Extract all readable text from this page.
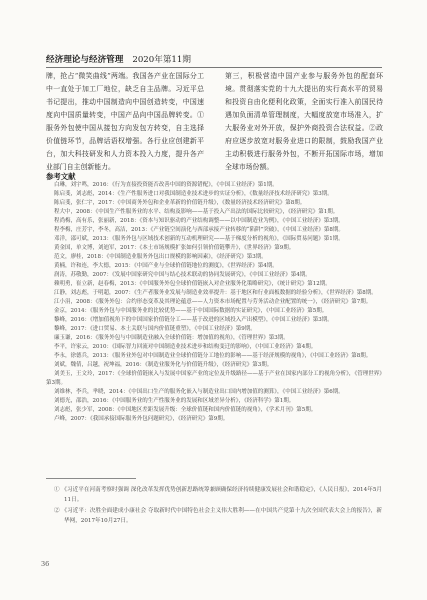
经济理论与经济管理 2020年第11期

牌，抢占“微笑曲线”两端。我国各产业在国际分工中一直处于加工厂地位，缺乏自主品牌。习近平总书记提出，推动中国制造向中国创造转变，中国速度向中国质量转变，中国产品向中国品牌转变。①服务外包使中国从接包方向发包方转变，自主选择价值链环节，品牌话语权增强。各行业应创建新平台，加大科技研发和人力资本投入力度，提升各产业部门自主创新能力。

第三，积极营造中国产业参与服务外包的配套环境。贯彻落实党的十九大提出的实行高水平的贸易和投资自由化便利化政策，全面实行准入前国民待遇加负面清单管理制度，大幅度放宽市场准入，扩大服务业对外开放，保护外商投资合法权益。②政府应逐步放宽对服务业进口的限制，鼓励我国产业主动积极进行服务外包，不断开拓国际市场，增加全球市场份额。

参考文献
白琳，刘宇鸣，2016：《行为直接投资能否改善中国的资源错配》，《中国工业经济》第1期。
陈启斐，刘志彪，2014：《生产性服务进口对我国制造业技术进步的实证分析》，《数量经济技术经济研究》第3期。
陈启斐，张仁宇，2017：《中国商务外包和企业革新的价值链升级》，《数量经济技术经济研究》第8期。
程大中，2008：《中国生产性服务业的水平、结构及影响——基于投入产出法的国际比较研究》，《经济研究》第1期。
程尚梅，高有乐，张丽新，2018：《资本与知识驱动的产业结构调整——以中国制造业为例》，《中国工业经济》第3期。
程李梅，庄芳宇，李冬，高洁，2013：《产业链空间演化与西部承接产业转移的“陷阱”突破》，《中国工业经济》第8期。
邓洋，邵可斌，2013：《服务外包与区域技术创新的互动机理研究——基于梯度分析的视角》，《国际贸易问题》第1期。
黄金国，单文博，刘迪军，2017：《本土市场规模扩张如何引领价值链攀升》，《世界经济》第9期。
范文，廖桂，2018：《中国制造业服务外包出口规模的影响因素》，《经济研究》第3期。
黄楠，许和连，李大德，2015：《中国产业与全球价值链地位的测度》，《世界经济》第4期。
润涛，苏敬勤，2007：《发展中国家研究中国与结心技术联动的协同发展研究》，《中国工业经济》第4期。
赖明勇，崔立新，赵春梅，2013：《中国服务外包全球价值链嵌入对企业服务化策略研究》，《统计研究》第12期。
江静，刘志彪，于明超，2007：《生产者服务业发展与制造业效率提升：基于地区和行业面板数据的经验分析》，《世界经济》第8期。
江小涓，2008：《服务外包：合约形态变革及其理论蕴意——人力资本市场配置与劳务活动企业配置的统一》，《经济研究》第7期。
金京，2014：《服务外包与中国服务业的比较优势——基于中国国际数据的实证研究》，《中国工业经济》第5期。
黎峰，2016：《增加值视角下的中国国家价值链分工——基于改进的区域投入产出模型》，《中国工业经济》第3期。
黎峰，2017：《进口贸易、本土关联与国内价值链重塑》，《中国工业经济》第9期。
廉玉谦，2016：《服务外包与中国制造业融入全球价值链：增加值的视角》，《管理世界》第3期。
李平，许家云，2010：《国际智力回流对中国制造业技术进步和结构变迁的影响》，《中国工业经济》第4期。
李永，徐德兵，2013：《服务业外包对中国制造业全球价值链分工地位的影响——基于经济规模的视角》，《中国工业经济》第8期。
刘斌，魏倩，吕越，祝坤福，2016：《制造业服务化与价值链升级》，《经济研究》第3期。
刘美玉，王文玲，2017：《全球价值链嵌入与发展中国家产业的定位及升级路径——基于产业在国家内部分工的视角分析》，《管理世界》第3期。
刘维林，李兵，芈晓，2014：《中国出口生产的服务化嵌入与制造业出口国内增加值的测算》，《中国工业经济》第6期。
刘德光，邵浩，2016：《中国服务业的生产性服务业的发展和区域差异分析》，《经济科学》第1期。
刘志彪，张少军，2008：《中国地区差距发展升级：全球价值链和国内价值链的视角》，《学术月刊》第5期。
卢峰，2007：《我国承接国际服务外包问题研究》，《经济研究》第9期。
① 《习近平在河南考察时强调 深化改革发挥优势创新思路统筹兼顾确保经济持续健康发展社会和谐稳定》，《人民日报》，2014年5月11日。
② 《习近平：决胜全面建成小康社会 夺取新时代中国特色社会主义伟大胜利——在中国共产党第十九次全国代表大会上的报告》，新华网，2017年10月27日。
36
